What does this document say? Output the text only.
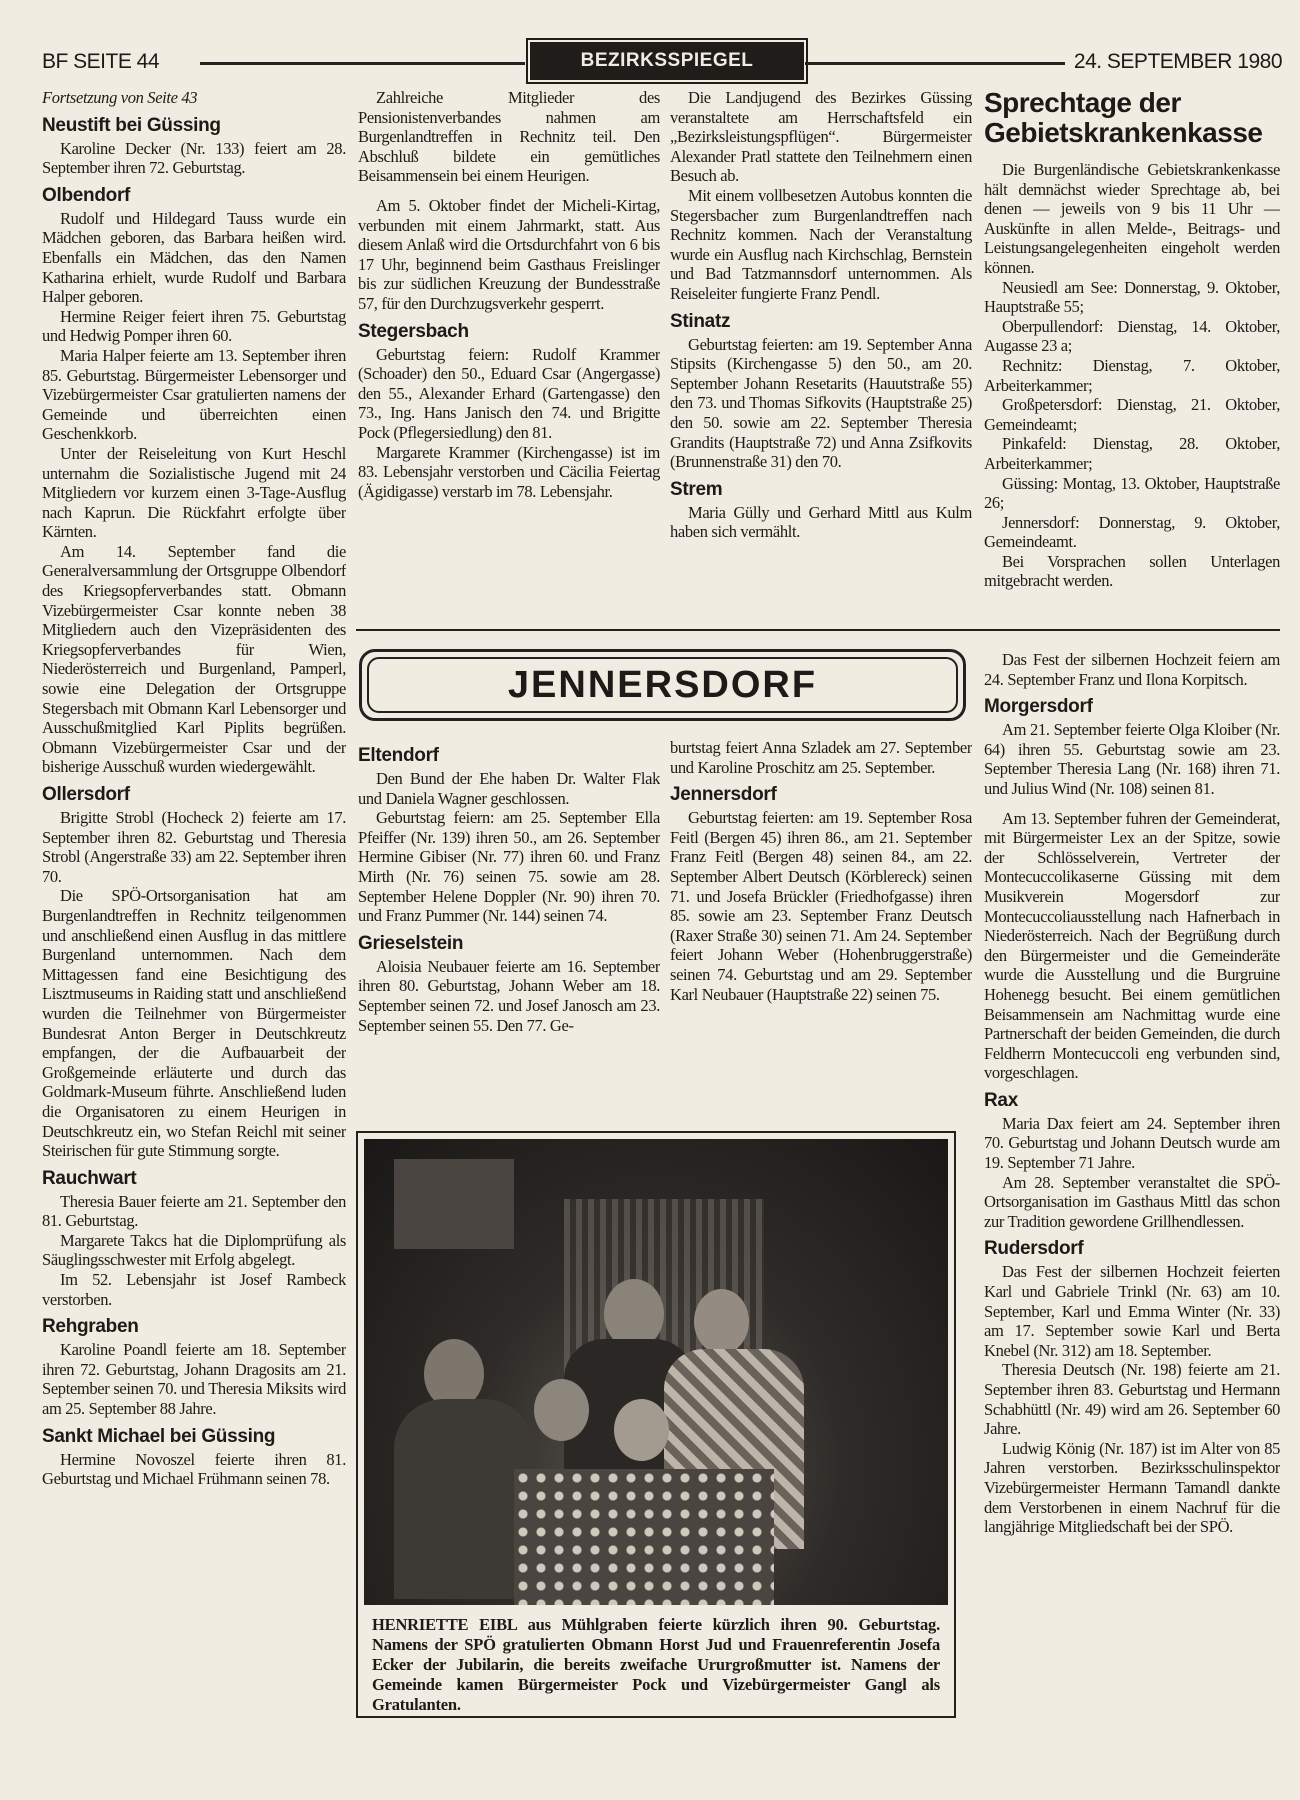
BF SEITE 44	BEZIRKSSPIEGEL	24. SEPTEMBER 1980

Fortsetzung von Seite 43

Neustift bei Güssing

Karoline Decker (Nr. 133) feiert am 28. September ihren 72. Geburtstag.

Olbendorf

Rudolf und Hildegard Tauss wurde ein Mädchen geboren, das Barbara heißen wird. Ebenfalls ein Mädchen, das den Namen Katharina erhielt, wurde Rudolf und Barbara Halper geboren.

Hermine Reiger feiert ihren 75. Geburtstag und Hedwig Pomper ihren 60.

Maria Halper feierte am 13. September ihren 85. Geburtstag. Bürgermeister Lebensorger und Vizebürgermeister Csar gratulierten namens der Gemeinde und überreichten einen Geschenkkorb.

Unter der Reiseleitung von Kurt Heschl unternahm die Sozialistische Jugend mit 24 Mitgliedern vor kurzem einen 3-Tage-Ausflug nach Kaprun. Die Rückfahrt erfolgte über Kärnten.

Am 14. September fand die Generalversammlung der Ortsgruppe Olbendorf des Kriegsopferverbandes statt. Obmann Vizebürgermeister Csar konnte neben 38 Mitgliedern auch den Vizepräsidenten des Kriegsopferverbandes für Wien, Niederösterreich und Burgenland, Pamperl, sowie eine Delegation der Ortsgruppe Stegersbach mit Obmann Karl Lebensorger und Ausschußmitglied Karl Piplits begrüßen. Obmann Vizebürgermeister Csar und der bisherige Ausschuß wurden wiedergewählt.

Ollersdorf

Brigitte Strobl (Hocheck 2) feierte am 17. September ihren 82. Geburtstag und Theresia Strobl (Angerstraße 33) am 22. September ihren 70.

Die SPÖ-Ortsorganisation hat am Burgenlandtreffen in Rechnitz teilgenommen und anschließend einen Ausflug in das mittlere Burgenland unternommen. Nach dem Mittagessen fand eine Besichtigung des Lisztmuseums in Raiding statt und anschließend wurden die Teilnehmer von Bürgermeister Bundesrat Anton Berger in Deutschkreutz empfangen, der die Aufbauarbeit der Großgemeinde erläuterte und durch das Goldmark-Museum führte. Anschließend luden die Organisatoren zu einem Heurigen in Deutschkreutz ein, wo Stefan Reichl mit seiner Steirischen für gute Stimmung sorgte.

Rauchwart

Theresia Bauer feierte am 21. September den 81. Geburtstag.

Margarete Takcs hat die Diplomprüfung als Säuglingsschwester mit Erfolg abgelegt.

Im 52. Lebensjahr ist Josef Rambeck verstorben.

Rehgraben

Karoline Poandl feierte am 18. September ihren 72. Geburtstag, Johann Dragosits am 21. September seinen 70. und Theresia Miksits wird am 25. September 88 Jahre.

Sankt Michael bei Güssing

Hermine Novoszel feierte ihren 81. Geburtstag und Michael Frühmann seinen 78.

Zahlreiche Mitglieder des Pensionistenverbandes nahmen am Burgenlandtreffen in Rechnitz teil. Den Abschluß bildete ein gemütliches Beisammensein bei einem Heurigen.

Am 5. Oktober findet der Micheli-Kirtag, verbunden mit einem Jahrmarkt, statt. Aus diesem Anlaß wird die Ortsdurchfahrt von 6 bis 17 Uhr, beginnend beim Gasthaus Freislinger bis zur südlichen Kreuzung der Bundesstraße 57, für den Durchzugsverkehr gesperrt.

Stegersbach

Geburtstag feiern: Rudolf Krammer (Schoader) den 50., Eduard Csar (Angergasse) den 55., Alexander Erhard (Gartengasse) den 73., Ing. Hans Janisch den 74. und Brigitte Pock (Pflegersiedlung) den 81.

Margarete Krammer (Kirchengasse) ist im 83. Lebensjahr verstorben und Cäcilia Feiertag (Ägidigasse) verstarb im 78. Lebensjahr.

Die Landjugend des Bezirkes Güssing veranstaltete am Herrschaftsfeld ein „Bezirksleistungspflügen“. Bürgermeister Alexander Pratl stattete den Teilnehmern einen Besuch ab.

Mit einem vollbesetzen Autobus konnten die Stegersbacher zum Burgenlandtreffen nach Rechnitz kommen. Nach der Veranstaltung wurde ein Ausflug nach Kirchschlag, Bernstein und Bad Tatzmannsdorf unternommen. Als Reiseleiter fungierte Franz Pendl.

Stinatz

Geburtstag feierten: am 19. September Anna Stipsits (Kirchengasse 5) den 50., am 20. September Johann Resetarits (Hauutstraße 55) den 73. und Thomas Sifkovits (Hauptstraße 25) den 50. sowie am 22. September Theresia Grandits (Hauptstraße 72) und Anna Zsifkovits (Brunnenstraße 31) den 70.

Strem

Maria Gülly und Gerhard Mittl aus Kulm haben sich vermählt.

Sprechtage der Gebietskrankenkasse

Die Burgenländische Gebietskrankenkasse hält demnächst wieder Sprechtage ab, bei denen — jeweils von 9 bis 11 Uhr — Auskünfte in allen Melde-, Beitrags- und Leistungsangelegenheiten eingeholt werden können.

Neusiedl am See: Donnerstag, 9. Oktober, Hauptstraße 55;

Oberpullendorf: Dienstag, 14. Oktober, Augasse 23 a;

Rechnitz: Dienstag, 7. Oktober, Arbeiterkammer;

Großpetersdorf: Dienstag, 21. Oktober, Gemeindeamt;

Pinkafeld: Dienstag, 28. Oktober, Arbeiterkammer;

Güssing: Montag, 13. Oktober, Hauptstraße 26;

Jennersdorf: Donnerstag, 9. Oktober, Gemeindeamt.

Bei Vorsprachen sollen Unterlagen mitgebracht werden.

JENNERSDORF
Eltendorf

Den Bund der Ehe haben Dr. Walter Flak und Daniela Wagner geschlossen.

Geburtstag feiern: am 25. September Ella Pfeiffer (Nr. 139) ihren 50., am 26. September Hermine Gibiser (Nr. 77) ihren 60. und Franz Mirth (Nr. 76) seinen 75. sowie am 28. September Helene Doppler (Nr. 90) ihren 70. und Franz Pummer (Nr. 144) seinen 74.

Grieselstein

Aloisia Neubauer feierte am 16. September ihren 80. Geburtstag, Johann Weber am 18. September seinen 72. und Josef Janosch am 23. September seinen 55. Den 77. Ge-

burtstag feiert Anna Szladek am 27. September und Karoline Proschitz am 25. September.

Jennersdorf

Geburtstag feierten: am 19. September Rosa Feitl (Bergen 45) ihren 86., am 21. September Franz Feitl (Bergen 48) seinen 84., am 22. September Albert Deutsch (Körblereck) seinen 71. und Josefa Brückler (Friedhofgasse) ihren 85. sowie am 23. September Franz Deutsch (Raxer Straße 30) seinen 71. Am 24. September feiert Johann Weber (Hohenbruggerstraße) seinen 74. Geburtstag und am 29. September Karl Neubauer (Hauptstraße 22) seinen 75.

Das Fest der silbernen Hochzeit feiern am 24. September Franz und Ilona Korpitsch.

Morgersdorf

Am 21. September feierte Olga Kloiber (Nr. 64) ihren 55. Geburtstag sowie am 23. September Theresia Lang (Nr. 168) ihren 71. und Julius Wind (Nr. 108) seinen 81.

Am 13. September fuhren der Gemeinderat, mit Bürgermeister Lex an der Spitze, sowie der Schlösselverein, Vertreter der Montecuccolikaserne Güssing mit dem Musikverein Mogersdorf zur Montecuccoliausstellung nach Hafnerbach in Niederösterreich. Nach der Begrüßung durch den Bürgermeister und die Gemeinderäte wurde die Ausstellung und die Burgruine Hohenegg besucht. Bei einem gemütlichen Beisammensein am Nachmittag wurde eine Partnerschaft der beiden Gemeinden, die durch Feldherrn Montecuccoli eng verbunden sind, vorgeschlagen.

Rax

Maria Dax feiert am 24. September ihren 70. Geburtstag und Johann Deutsch wurde am 19. September 71 Jahre.

Am 28. September veranstaltet die SPÖ-Ortsorganisation im Gasthaus Mittl das schon zur Tradition gewordene Grillhendlessen.

Rudersdorf

Das Fest der silbernen Hochzeit feierten Karl und Gabriele Trinkl (Nr. 63) am 10. September, Karl und Emma Winter (Nr. 33) am 17. September sowie Karl und Berta Knebel (Nr. 312) am 18. September.

Theresia Deutsch (Nr. 198) feierte am 21. September ihren 83. Geburtstag und Hermann Schabhüttl (Nr. 49) wird am 26. September 60 Jahre.

Ludwig König (Nr. 187) ist im Alter von 85 Jahren verstorben. Bezirksschulinspektor Vizebürgermeister Hermann Tamandl dankte dem Verstorbenen in einem Nachruf für die langjährige Mitgliedschaft bei der SPÖ.

HENRIETTE EIBL aus Mühlgraben feierte kürzlich ihren 90. Geburtstag. Namens der SPÖ gratulierten Obmann Horst Jud und Frauenreferentin Josefa Ecker der Jubilarin, die bereits zweifache Ururgroßmutter ist. Namens der Gemeinde kamen Bürgermeister Pock und Vizebürgermeister Gangl als Gratulanten.
